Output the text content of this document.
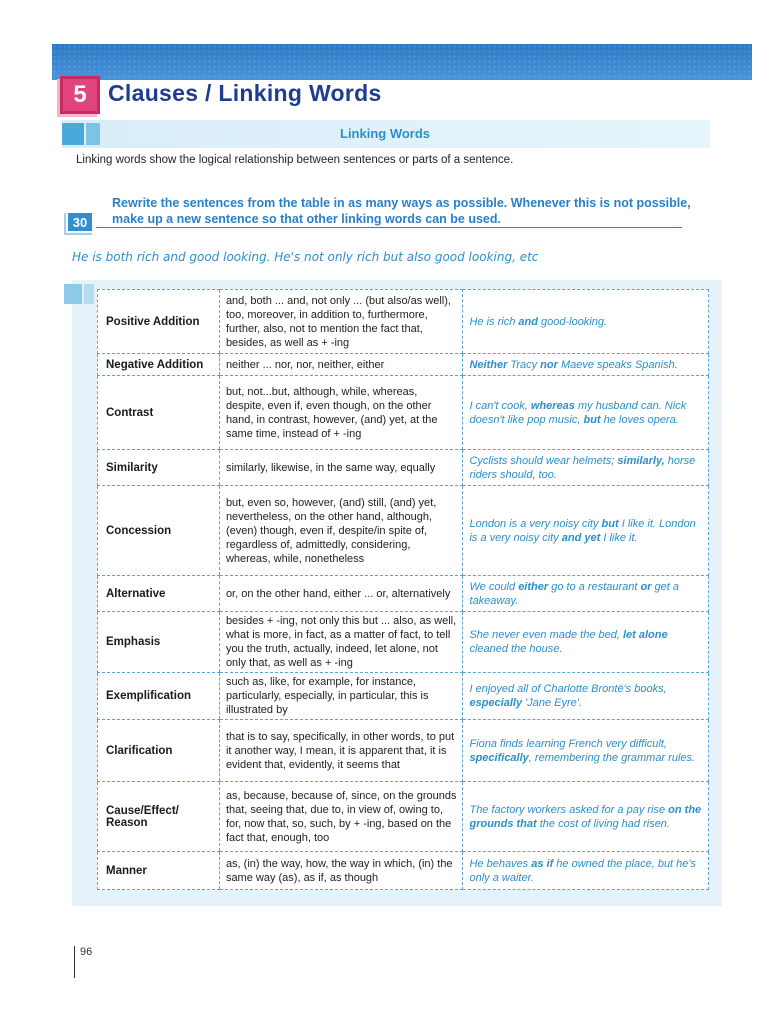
5 Clauses / Linking Words
Linking Words
Linking words show the logical relationship between sentences or parts of a sentence.
30
Rewrite the sentences from the table in as many ways as possible. Whenever this is not possible, make up a new sentence so that other linking words can be used.
He is both rich and good looking. He's not only rich but also good looking, etc
Positive Addition	and, both ... and, not only ... (but also/as well), too, moreover, in addition to, furthermore, further, also, not to mention the fact that, besides, as well as + -ing	He is rich and good-looking.
Negative Addition	neither ... nor, nor, neither, either	Neither Tracy nor Maeve speaks Spanish.
Contrast	but, not...but, although, while, whereas, despite, even if, even though, on the other hand, in contrast, however, (and) yet, at the same time, instead of + -ing	I can't cook, whereas my husband can. Nick doesn't like pop music, but he loves opera.
Similarity	similarly, likewise, in the same way, equally	Cyclists should wear helmets; similarly, horse riders should, too.
Concession	but, even so, however, (and) still, (and) yet, nevertheless, on the other hand, although, (even) though, even if, despite/in spite of, regardless of, admittedly, considering, whereas, while, nonetheless	London is a very noisy city but I like it. London is a very noisy city and yet I like it.
Alternative	or, on the other hand, either ... or, alternatively	We could either go to a restaurant or get a takeaway.
Emphasis	besides + -ing, not only this but ... also, as well, what is more, in fact, as a matter of fact, to tell you the truth, actually, indeed, let alone, not only that, as well as + -ing	She never even made the bed, let alone cleaned the house.
Exemplification	such as, like, for example, for instance, particularly, especially, in particular, this is illustrated by	I enjoyed all of Charlotte Brontë's books, especially 'Jane Eyre'.
Clarification	that is to say, specifically, in other words, to put it another way, I mean, it is apparent that, it is evident that, evidently, it seems that	Fiona finds learning French very difficult, specifically, remembering the grammar rules.
Cause/Effect/ Reason	as, because, because of, since, on the grounds that, seeing that, due to, in view of, owing to, for, now that, so, such, by + -ing, based on the fact that, enough, too	The factory workers asked for a pay rise on the grounds that the cost of living had risen.
Manner	as, (in) the way, how, the way in which, (in) the same way (as), as if, as though	He behaves as if he owned the place, but he's only a waiter.
96
